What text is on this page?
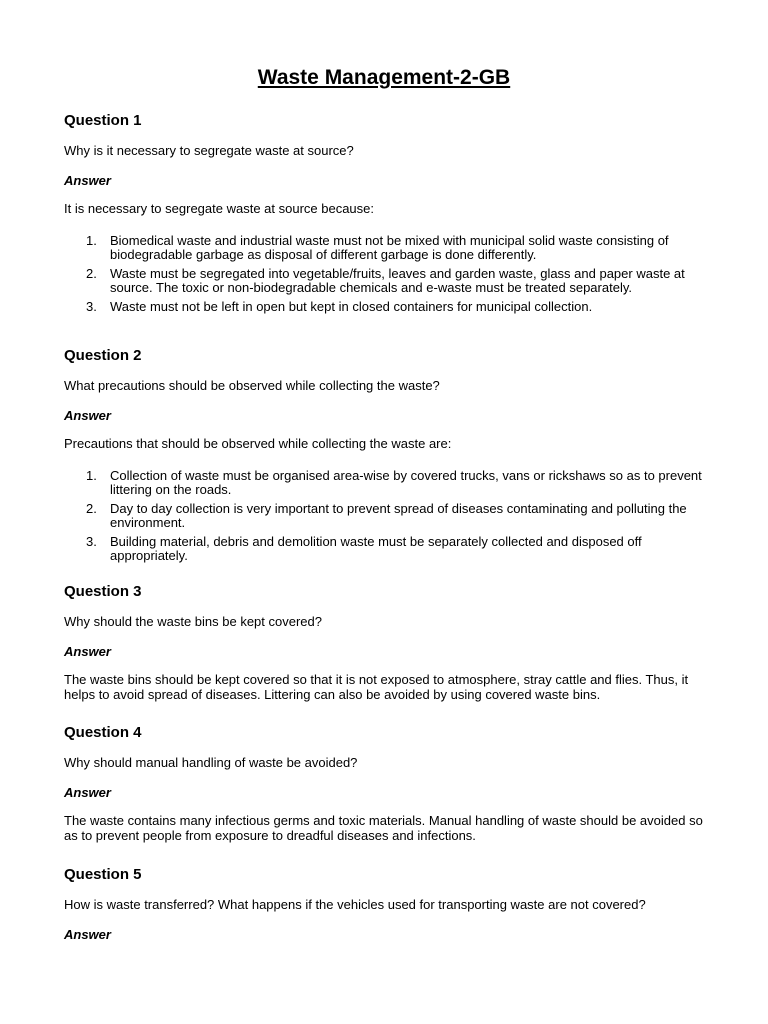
Waste Management-2-GB

Question 1

Why is it necessary to segregate waste at source?

Answer

It is necessary to segregate waste at source because:

1. Biomedical waste and industrial waste must not be mixed with municipal solid waste consisting of biodegradable garbage as disposal of different garbage is done differently.
2. Waste must be segregated into vegetable/fruits, leaves and garden waste, glass and paper waste at source. The toxic or non-biodegradable chemicals and e-waste must be treated separately.
3. Waste must not be left in open but kept in closed containers for municipal collection.

Question 2

What precautions should be observed while collecting the waste?

Answer

Precautions that should be observed while collecting the waste are:

1. Collection of waste must be organised area-wise by covered trucks, vans or rickshaws so as to prevent littering on the roads.
2. Day to day collection is very important to prevent spread of diseases contaminating and polluting the environment.
3. Building material, debris and demolition waste must be separately collected and disposed off appropriately.

Question 3

Why should the waste bins be kept covered?

Answer

The waste bins should be kept covered so that it is not exposed to atmosphere, stray cattle and flies. Thus, it helps to avoid spread of diseases. Littering can also be avoided by using covered waste bins.

Question 4

Why should manual handling of waste be avoided?

Answer

The waste contains many infectious germs and toxic materials. Manual handling of waste should be avoided so as to prevent people from exposure to dreadful diseases and infections.

Question 5

How is waste transferred? What happens if the vehicles used for transporting waste are not covered?

Answer
